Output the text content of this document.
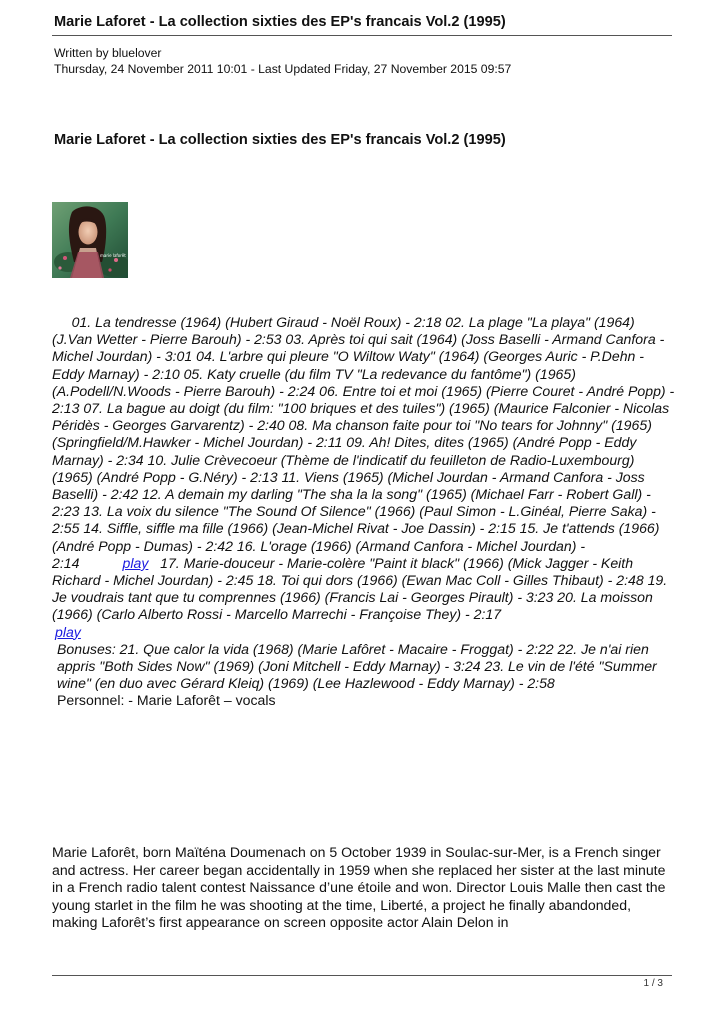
Marie Laforet - La collection sixties des EP's francais Vol.2 (1995)
Written by bluelover
Thursday, 24 November 2011 10:01 - Last Updated Friday, 27 November 2015 09:57
Marie Laforet - La collection sixties des EP's francais Vol.2 (1995)
marie laforêt

01. La tendresse (1964) (Hubert Giraud - Noël Roux) - 2:18 02. La plage "La playa" (1964) (J.Van Wetter - Pierre Barouh) - 2:53 03. Après toi qui sait (1964) (Joss Baselli - Armand Canfora - Michel Jourdan) - 3:01 04. L'arbre qui pleure "O Wiltow Waty" (1964) (Georges Auric - P.Dehn - Eddy Marnay) - 2:10 05. Katy cruelle (du film TV "La redevance du fantôme") (1965) (A.Podell/N.Woods - Pierre Barouh) - 2:24 06. Entre toi et moi (1965) (Pierre Couret - André Popp) - 2:13 07. La bague au doigt (du film: "100 briques et des tuiles") (1965) (Maurice Falconier - Nicolas Péridès - Georges Garvarentz) - 2:40 08. Ma chanson faite pour toi "No tears for Johnny" (1965) (Springfield/M.Hawker - Michel Jourdan) - 2:11 09. Ah! Dites, dites (1965) (André Popp - Eddy Marnay) - 2:34 10. Julie Crèvecoeur (Thème de l'indicatif du feuilleton de Radio-Luxembourg) (1965) (André Popp - G.Néry) - 2:13 11. Viens (1965) (Michel Jourdan - Armand Canfora - Joss Baselli) - 2:42 12. A demain my darling "The sha la la song" (1965) (Michael Farr - Robert Gall) - 2:23 13. La voix du silence "The Sound Of Silence" (1966) (Paul Simon - L.Ginéal, Pierre Saka) - 2:55 14. Siffle, siffle ma fille (1966) (Jean-Michel Rivat - Joe Dassin) - 2:15 15. Je t'attends (1966) (André Popp - Dumas) - 2:42 16. L'orage (1966) (Armand Canfora - Michel Jourdan) - 2:14	play 17. Marie-douceur - Marie-colère "Paint it black" (1966) (Mick Jagger - Keith Richard - Michel Jourdan) - 2:45 18. Toi qui dors (1966) (Ewan Mac Coll - Gilles Thibaut) - 2:48 19. Je voudrais tant que tu comprennes (1966) (Francis Lai - Georges Pirault) - 3:23 20. La moisson (1966) (Carlo Alberto Rossi - Marcello Marrechi - Françoise They) - 2:17
play

Bonuses: 21. Que calor la vida (1968) (Marie Lafôret - Macaire - Froggat) - 2:22 22. Je n'ai rien appris "Both Sides Now" (1969) (Joni Mitchell - Eddy Marnay) - 3:24 23. Le vin de l'été "Summer wine" (en duo avec Gérard Kleiq) (1969) (Lee Hazlewood - Eddy Marnay) - 2:58

Personnel: - Marie Laforêt – vocals

Marie Laforêt, born Maïténa Doumenach on 5 October 1939 in Soulac-sur-Mer, is a French singer and actress. Her career began accidentally in 1959 when she replaced her sister at the last minute in a French radio talent contest Naissance d’une étoile and won. Director Louis Malle then cast the young starlet in the film he was shooting at the time, Liberté, a project he finally abandonded, making Laforêt’s first appearance on screen opposite actor Alain Delon in

1 / 3
